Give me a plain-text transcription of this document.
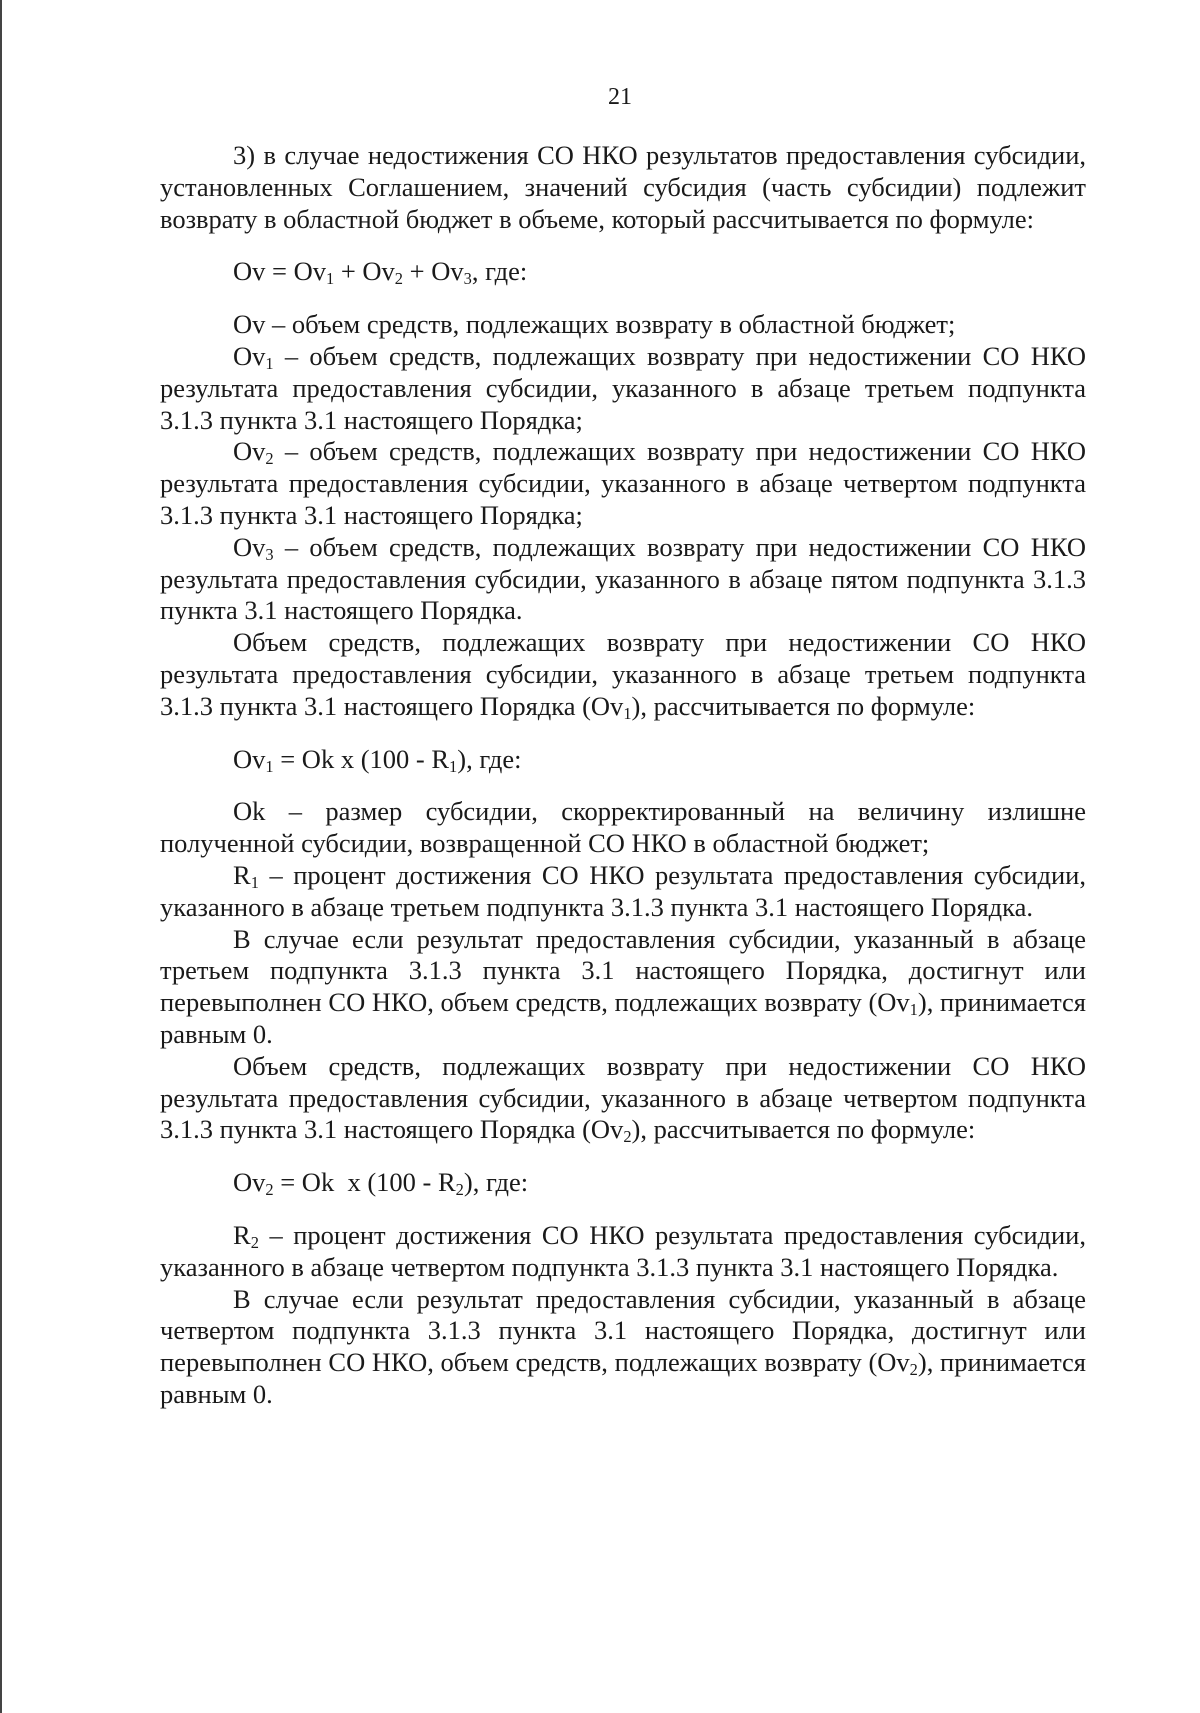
21

3) в случае недостижения СО НКО результатов предоставления субсидии, установленных Соглашением, значений субсидия (часть субсидии) подлежит возврату в областной бюджет в объеме, который рассчитывается по формуле:

$Ov = Ov_1 + Ov_2 + Ov_3$, где:

Ov – объем средств, подлежащих возврату в областной бюджет;

$Ov_1$ – объем средств, подлежащих возврату при недостижении СО НКО результата предоставления субсидии, указанного в абзаце третьем подпункта 3.1.3 пункта 3.1 настоящего Порядка;

$Ov_2$ – объем средств, подлежащих возврату при недостижении СО НКО результата предоставления субсидии, указанного в абзаце четвертом подпункта 3.1.3 пункта 3.1 настоящего Порядка;

$Ov_3$ – объем средств, подлежащих возврату при недостижении СО НКО результата предоставления субсидии, указанного в абзаце пятом подпункта 3.1.3 пункта 3.1 настоящего Порядка.

Объем средств, подлежащих возврату при недостижении СО НКО результата предоставления субсидии, указанного в абзаце третьем подпункта 3.1.3 пункта 3.1 настоящего Порядка $(Ov_1)$, рассчитывается по формуле:

$Ov_1 = Ok$ x $(100 - R_1)$, где:

Ok – размер субсидии, скорректированный на величину излишне полученной субсидии, возвращенной СО НКО в областной бюджет;

$R_1$ – процент достижения СО НКО результата предоставления субсидии, указанного в абзаце третьем подпункта 3.1.3 пункта 3.1 настоящего Порядка.

В случае если результат предоставления субсидии, указанный в абзаце третьем подпункта 3.1.3 пункта 3.1 настоящего Порядка, достигнут или перевыполнен СО НКО, объем средств, подлежащих возврату $(Ov_1)$, принимается равным 0.

Объем средств, подлежащих возврату при недостижении СО НКО результата предоставления субсидии, указанного в абзаце четвертом подпункта 3.1.3 пункта 3.1 настоящего Порядка $(Ov_2)$, рассчитывается по формуле:

$Ov_2 = Ok$  x $(100 - R_2)$, где:

$R_2$ – процент достижения СО НКО результата предоставления субсидии, указанного в абзаце четвертом подпункта 3.1.3 пункта 3.1 настоящего Порядка.

В случае если результат предоставления субсидии, указанный в абзаце четвертом подпункта 3.1.3 пункта 3.1 настоящего Порядка, достигнут или перевыполнен СО НКО, объем средств, подлежащих возврату $(Ov_2)$, принимается равным 0.
